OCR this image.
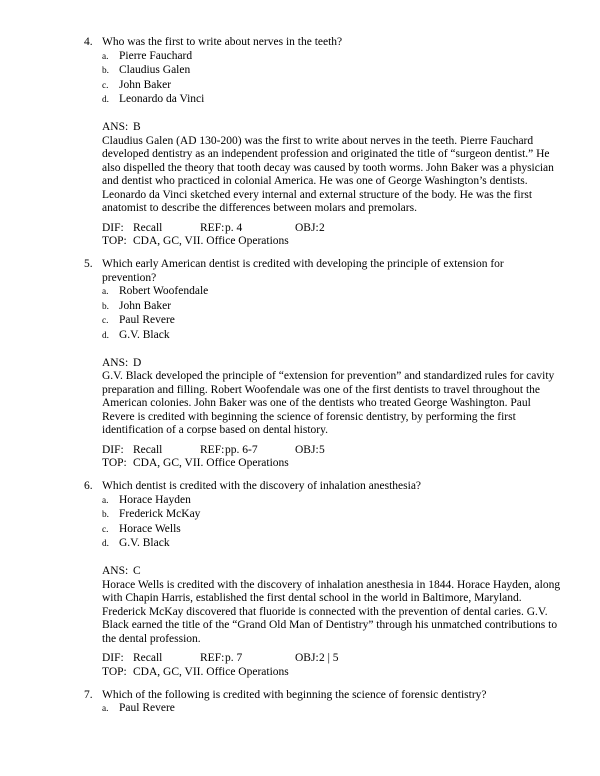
4. Who was the first to write about nerves in the teeth?
a. Pierre Fauchard
b. Claudius Galen
c. John Baker
d. Leonardo da Vinci
ANS: B
Claudius Galen (AD 130-200) was the first to write about nerves in the teeth. Pierre Fauchard developed dentistry as an independent profession and originated the title of “surgeon dentist.” He also dispelled the theory that tooth decay was caused by tooth worms. John Baker was a physician and dentist who practiced in colonial America. He was one of George Washington’s dentists. Leonardo da Vinci sketched every internal and external structure of the body. He was the first anatomist to describe the differences between molars and premolars.
DIF: Recall	REF: p. 4	OBJ: 2
TOP: CDA, GC, VII. Office Operations
5. Which early American dentist is credited with developing the principle of extension for prevention?
a. Robert Woofendale
b. John Baker
c. Paul Revere
d. G.V. Black
ANS: D
G.V. Black developed the principle of “extension for prevention” and standardized rules for cavity preparation and filling. Robert Woofendale was one of the first dentists to travel throughout the American colonies. John Baker was one of the dentists who treated George Washington. Paul Revere is credited with beginning the science of forensic dentistry, by performing the first identification of a corpse based on dental history.
DIF: Recall	REF: pp. 6-7	OBJ: 5
TOP: CDA, GC, VII. Office Operations
6. Which dentist is credited with the discovery of inhalation anesthesia?
a. Horace Hayden
b. Frederick McKay
c. Horace Wells
d. G.V. Black
ANS: C
Horace Wells is credited with the discovery of inhalation anesthesia in 1844. Horace Hayden, along with Chapin Harris, established the first dental school in the world in Baltimore, Maryland. Frederick McKay discovered that fluoride is connected with the prevention of dental caries. G.V. Black earned the title of the “Grand Old Man of Dentistry” through his unmatched contributions to the dental profession.
DIF: Recall	REF: p. 7	OBJ: 2 | 5
TOP: CDA, GC, VII. Office Operations
7. Which of the following is credited with beginning the science of forensic dentistry?
a. Paul Revere
